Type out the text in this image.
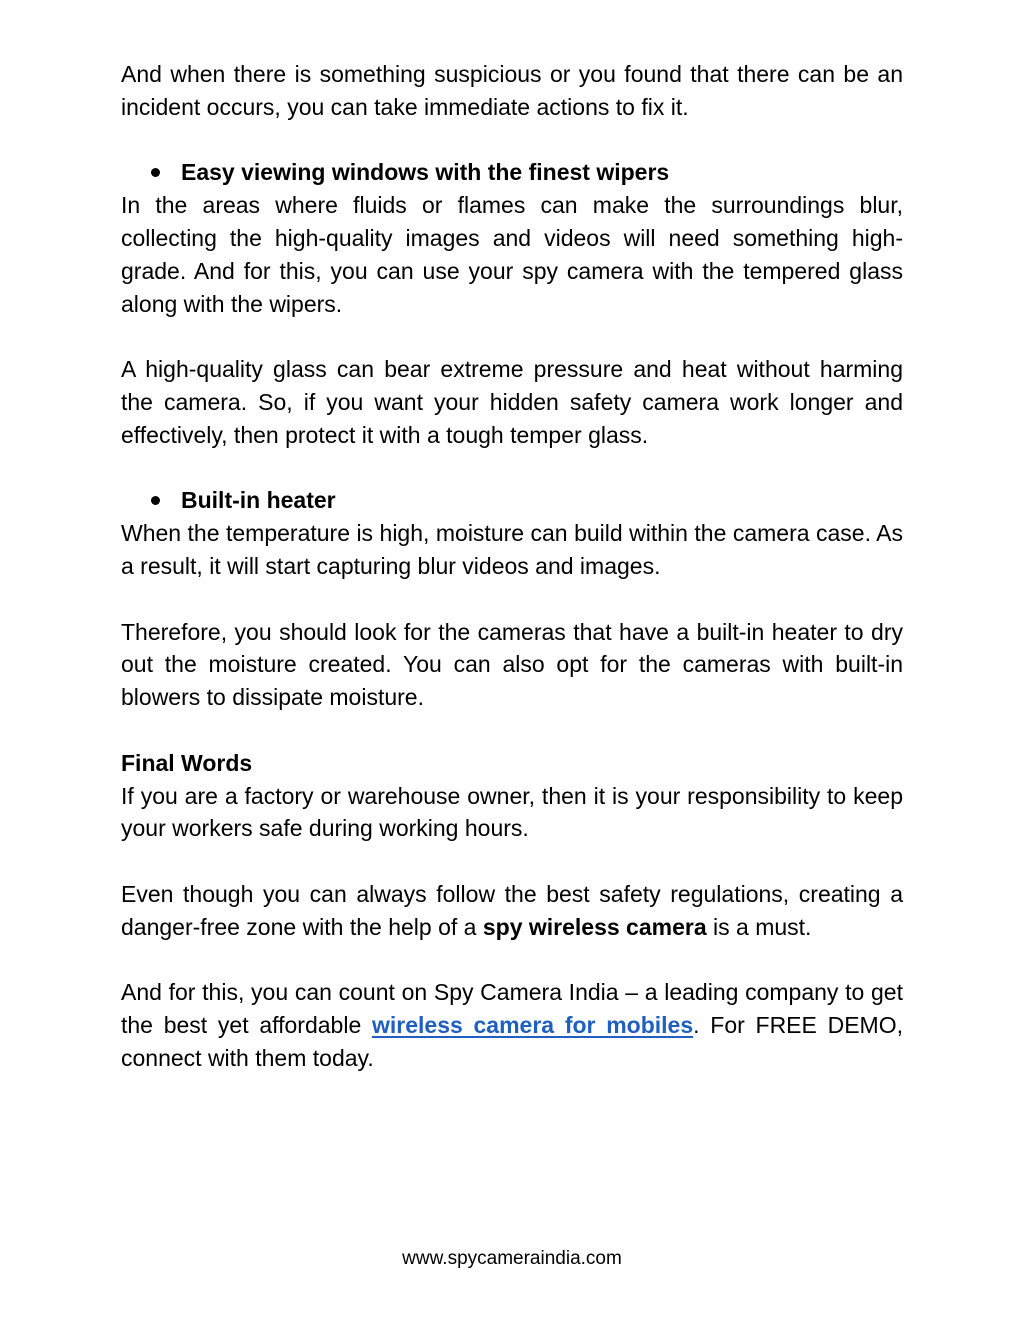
And when there is something suspicious or you found that there can be an incident occurs, you can take immediate actions to fix it.

Easy viewing windows with the finest wipers

In the areas where fluids or flames can make the surroundings blur, collecting the high-quality images and videos will need something high-grade. And for this, you can use your spy camera with the tempered glass along with the wipers.

A high-quality glass can bear extreme pressure and heat without harming the camera. So, if you want your hidden safety camera work longer and effectively, then protect it with a tough temper glass.

Built-in heater

When the temperature is high, moisture can build within the camera case. As a result, it will start capturing blur videos and images.

Therefore, you should look for the cameras that have a built-in heater to dry out the moisture created. You can also opt for the cameras with built-in blowers to dissipate moisture.

Final Words

If you are a factory or warehouse owner, then it is your responsibility to keep your workers safe during working hours.

Even though you can always follow the best safety regulations, creating a danger-free zone with the help of a spy wireless camera is a must.

And for this, you can count on Spy Camera India – a leading company to get the best yet affordable wireless camera for mobiles. For FREE DEMO, connect with them today.

www.spycameraindia.com
